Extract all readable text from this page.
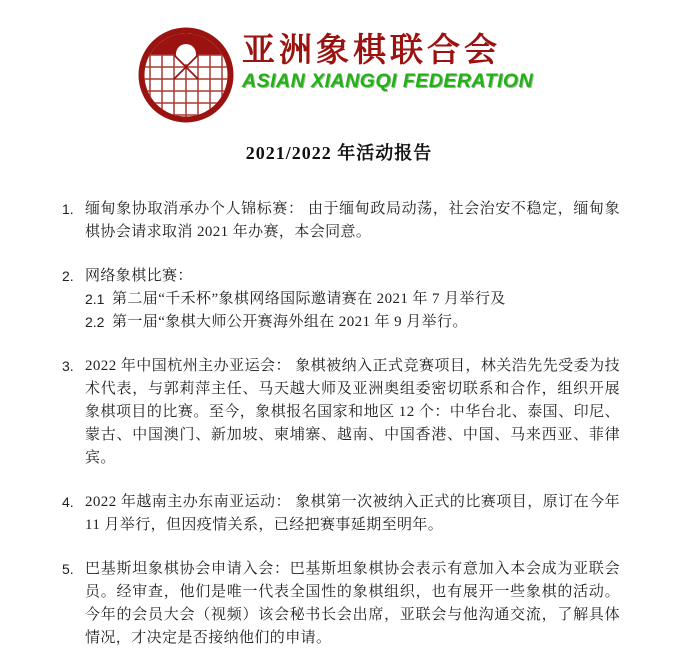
亚洲象棋联合会
ASIAN XIANGQI FEDERATION
2021/2022 年活动报告
1. 缅甸象协取消承办个人锦标赛： 由于缅甸政局动荡，社会治安不稳定，缅甸象棋协会请求取消 2021 年办赛，本会同意。
2. 网络象棋比赛：
2.1 第二届“千禾杯”象棋网络国际邀请赛在 2021 年 7 月举行及
2.2 第一届“象棋大师公开赛海外组在 2021 年 9 月举行。
3. 2022 年中国杭州主办亚运会： 象棋被纳入正式竞赛项目，林关浩先先受委为技术代表，与郭莉萍主任、马天越大师及亚洲奥组委密切联系和合作，组织开展象棋项目的比赛。至今，象棋报名国家和地区 12 个：中华台北、泰国、印尼、蒙古、中国澳门、新加坡、柬埔寨、越南、中国香港、中国、马来西亚、菲律宾。
4. 2022 年越南主办东南亚运动： 象棋第一次被纳入正式的比赛项目，原订在今年 11 月举行，但因疫情关系，已经把赛事延期至明年。
5. 巴基斯坦象棋协会申请入会：巴基斯坦象棋协会表示有意加入本会成为亚联会员。经审查，他们是唯一代表全国性的象棋组织，也有展开一些象棋的活动。今年的会员大会（视频）该会秘书长会出席，亚联会与他沟通交流，了解具体情况，才决定是否接纳他们的申请。
